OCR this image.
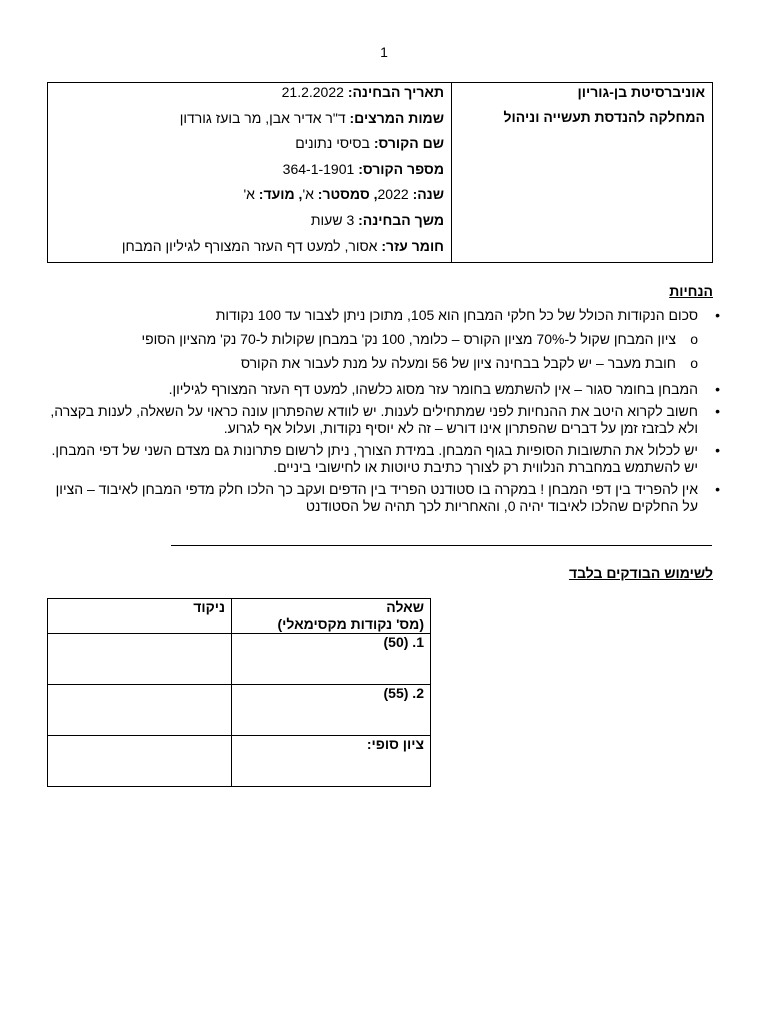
1
אוניברסיטת בן-גוריון
המחלקה להנדסת תעשייה וניהול

תאריך הבחינה: 21.2.2022
שמות המרצים: ד"ר אדיר אבן, מר בועז גורדון
שם הקורס: בסיסי נתונים
מספר הקורס: 364-1-1901
שנה: 2022, סמסטר: א', מועד: א'
משך הבחינה: 3 שעות
חומר עזר: אסור, למעט דף העזר המצורף לגיליון המבחן
הנחיות
• סכום הנקודות הכולל של כל חלקי המבחן הוא 105, מתוכן ניתן לצבור עד 100 נקודות
o ציון המבחן שקול ל-70% מציון הקורס – כלומר, 100 נק' במבחן שקולות ל-70 נק' מהציון הסופי
o חובת מעבר – יש לקבל בבחינה ציון של 56 ומעלה על מנת לעבור את הקורס
• המבחן בחומר סגור – אין להשתמש בחומר עזר מסוג כלשהו, למעט דף העזר המצורף לגיליון.
• חשוב לקרוא היטב את ההנחיות לפני שמתחילים לענות. יש לוודא שהפתרון עונה כראוי על השאלה, לענות בקצרה, ולא לבזבז זמן על דברים שהפתרון אינו דורש – זה לא יוסיף נקודות, ועלול אף לגרוע.
• יש לכלול את התשובות הסופיות בגוף המבחן. במידת הצורך, ניתן לרשום פתרונות גם מצדם השני של דפי המבחן. יש להשתמש במחברת הנלווית רק לצורך כתיבת טיוטות או לחישובי ביניים.
• אין להפריד בין דפי המבחן ! במקרה בו סטודנט הפריד בין הדפים ועקב כך הלכו חלק מדפי המבחן לאיבוד – הציון על החלקים שהלכו לאיבוד יהיה 0, והאחריות לכך תהיה של הסטודנט
לשימוש הבודקים בלבד
שאלה
(מס' נקודות מקסימאלי)	ניקוד
1. (50)	
2. (55)	
ציון סופי:	
